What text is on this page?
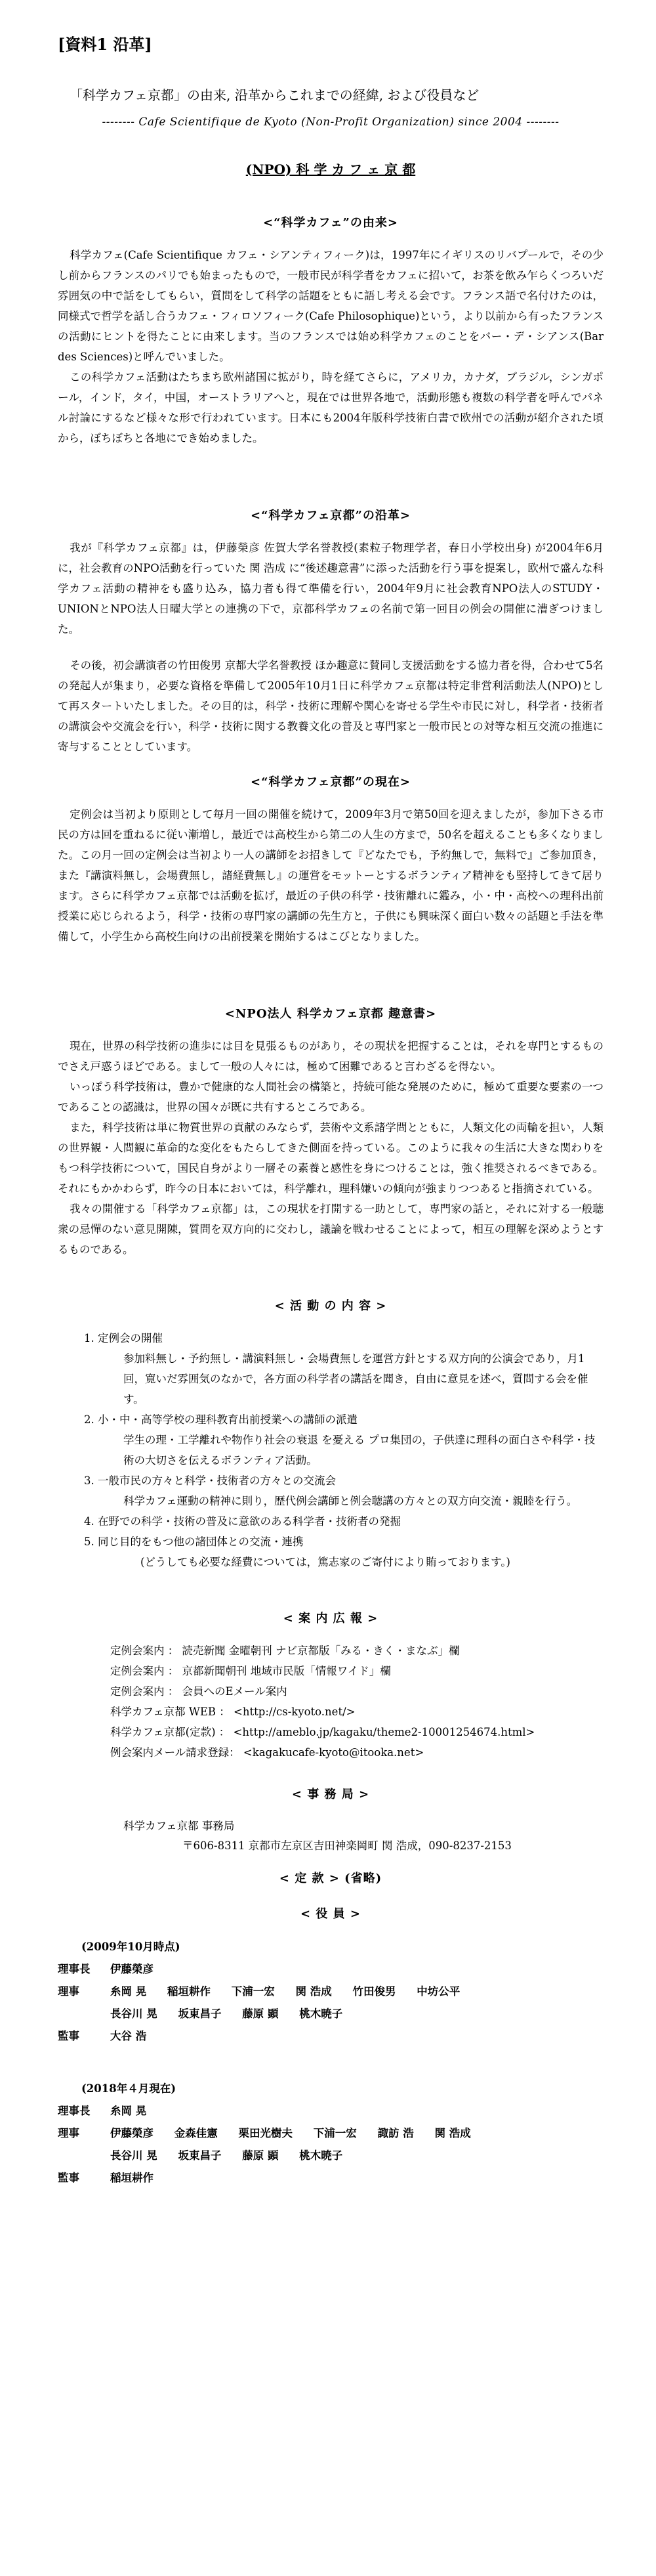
[資料1 沿革]
「科学カフェ京都」の由来, 沿革からこれまでの経緯, および役員など
-------- Cafe Scientifique de Kyoto (Non-Profit Organization) since 2004 --------
(NPO) 科 学 カ フ ェ 京 都
<“科学カフェ”の由来>

科学カフェ(Cafe Scientifique カフェ・シアンティフィーク)は，1997年にイギリスのリバプールで，その少し前からフランスのパリでも始まったもので，一般市民が科学者をカフェに招いて，お茶を飲み乍らくつろいだ雰囲気の中で話をしてもらい，質問をして科学の話題をともに語し考える会です。フランス語で名付けたのは，同様式で哲学を話し合うカフェ・フィロソフィーク(Cafe Philosophique)という，より以前から有ったフランスの活動にヒントを得たことに由来します。当のフランスでは始め科学カフェのことをバー・デ・シアンス(Bar des Sciences)と呼んでいました。

この科学カフェ活動はたちまち欧州諸国に拡がり，時を経てさらに，アメリカ，カナダ，ブラジル，シンガポール，インド，タイ，中国，オーストラリアへと，現在では世界各地で，活動形態も複数の科学者を呼んでパネル討論にするなど様々な形で行われています。日本にも2004年版科学技術白書で欧州での活動が紹介された頃から，ぼちぼちと各地にでき始めました。

<“科学カフェ京都”の沿革>

我が『科学カフェ京都』は，伊藤榮彦 佐賀大学名誉教授(素粒子物理学者，春日小学校出身) が2004年6月に，社会教育のNPO活動を行っていた 関 浩成 に“後述趣意書”に添った活動を行う事を提案し，欧州で盛んな科学カフェ活動の精神をも盛り込み，協力者も得て準備を行い，2004年9月に社会教育NPO法人のSTUDY・UNIONとNPO法人日曜大学との連携の下で，京都科学カフェの名前で第一回目の例会の開催に漕ぎつけました。

その後，初会講演者の竹田俊男 京都大学名誉教授 ほか趣意に賛同し支援活動をする協力者を得，合わせて5名の発起人が集まり，必要な資格を準備して2005年10月1日に科学カフェ京都は特定非営利活動法人(NPO)として再スタートいたしました。その目的は，科学・技術に理解や関心を寄せる学生や市民に対し，科学者・技術者の講演会や交流会を行い，科学・技術に関する教養文化の普及と専門家と一般市民との対等な相互交流の推進に寄与することとしています。

<“科学カフェ京都”の現在>

定例会は当初より原則として毎月一回の開催を続けて，2009年3月で第50回を迎えましたが，参加下さる市民の方は回を重ねるに従い漸増し，最近では高校生から第二の人生の方まで，50名を超えることも多くなりました。この月一回の定例会は当初より一人の講師をお招きして『どなたでも，予約無しで，無料で』ご参加頂き，また『講演料無し，会場費無し，諸経費無し』の運営をモットーとするボランティア精神をも堅持してきて居ります。さらに科学カフェ京都では活動を拡げ，最近の子供の科学・技術離れに鑑み，小・中・高校への理科出前授業に応じられるよう，科学・技術の専門家の講師の先生方と，子供にも興味深く面白い数々の話題と手法を準備して，小学生から高校生向けの出前授業を開始するはこびとなりました。

<NPO法人 科学カフェ京都 趣意書>

現在，世界の科学技術の進歩には目を見張るものがあり，その現状を把握することは，それを専門とするものでさえ戸惑うほどである。まして一般の人々には，極めて困難であると言わざるを得ない。

いっぽう科学技術は，豊かで健康的な人間社会の構築と，持続可能な発展のために，極めて重要な要素の一つであることの認識は，世界の国々が既に共有するところである。

また，科学技術は単に物質世界の貢献のみならず，芸術や文系諸学問とともに，人類文化の両輪を担い，人類の世界観・人間観に革命的な変化をもたらしてきた側面を持っている。このように我々の生活に大きな関わりをもつ科学技術について，国民自身がより一層その素養と感性を身につけることは，強く推奨されるべきである。それにもかかわらず，昨今の日本においては，科学離れ，理科嫌いの傾向が強まりつつあると指摘されている。

我々の開催する「科学カフェ京都」は，この現状を打開する一助として，専門家の話と，それに対する一般聴衆の忌憚のない意見開陳，質問を双方向的に交わし，議論を戦わせることによって，相互の理解を深めようとするものである。

< 活 動 の 内 容 >
1. 定例会の開催
参加料無し・予約無し・講演料無し・会場費無しを運営方針とする双方向的公演会であり，月1回，寛いだ雰囲気のなかで，各方面の科学者の講話を聞き，自由に意見を述べ，質問する会を催す。
2. 小・中・高等学校の理科教育出前授業への講師の派遣
学生の理・工学離れや物作り社会の衰退 を憂える プロ集団の，子供達に理科の面白さや科学・技術の大切さを伝えるボランティア活動。
3. 一般市民の方々と科学・技術者の方々との交流会
科学カフェ運動の精神に則り，歴代例会講師と例会聴講の方々との双方向交流・親睦を行う。
4. 在野での科学・技術の普及に意欲のある科学者・技術者の発掘
5. 同じ目的をもつ他の諸団体との交流・連携
(どうしても必要な経費については，篤志家のご寄付により賄っております。)
< 案 内 広 報 >
定例会案内 ： 読売新聞 金曜朝刊 ナビ京都版「みる・きく・まなぶ」欄
定例会案内 ： 京都新聞朝刊 地域市民版「情報ワイド」欄
定例会案内 ： 会員へのEメール案内
科学カフェ京都 WEB ： <http://cs-kyoto.net/>
科学カフェ京都(定款) ： <http://ameblo.jp/kagaku/theme2-10001254674.html>
例会案内メール請求登録： <kagakucafe-kyoto@itooka.net>
< 事 務 局 >
科学カフェ京都 事務局
〒606-8311 京都市左京区吉田神楽岡町 関 浩成，090-8237-2153
< 定 款 > (省略)
< 役 員 >
(2009年10月時点)
理事長	伊藤榮彦
理事	糸岡 晃 稲垣耕作 下浦一宏 関 浩成 竹田俊男 中坊公平
長谷川 晃 坂東昌子 藤原 顕 桃木暁子
監事	大谷 浩
(2018年４月現在)
理事長	糸岡 晃
理事	伊藤榮彦 金森佳憲 栗田光樹夫 下浦一宏 諏訪 浩 関 浩成
長谷川 晃 坂東昌子 藤原 顕 桃木暁子
監事	稲垣耕作
